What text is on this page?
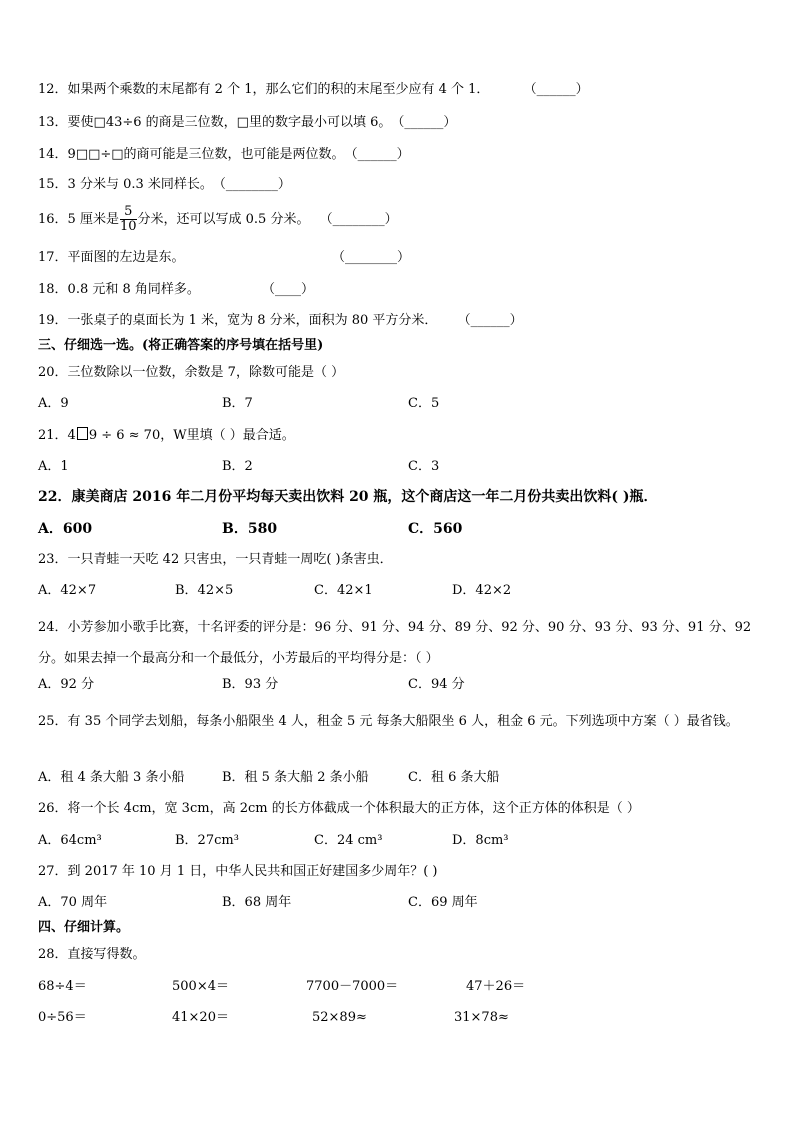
12．如果两个乘数的末尾都有 2 个 1，那么它们的积的末尾至少应有 4 个 1．	（______）
13．要使□43÷6 的商是三位数，□里的数字最小可以填 6。（______）
14．9□□÷□的商可能是三位数，也可能是两位数。（______）
15．3 分米与 0.3 米同样长。（________）
16．5 厘米是 $\frac{5}{10}$ 分米，还可以写成 0.5 分米。 （________）
17．平面图的左边是东。	（________）
18．0.8 元和 8 角同样多。	（____）
19．一张桌子的桌面长为 1 米，宽为 8 分米，面积为 80 平方分米． （______）
三、仔细选一选。(将正确答案的序号填在括号里)
20．三位数除以一位数，余数是 7，除数可能是（ ）
A．9	B．7	C．5
21．4 9 ÷ 6 ≈ 70，W里填（ ）最合适。
A．1	B．2	C．3
22．康美商店 2016 年二月份平均每天卖出饮料 20 瓶，这个商店这一年二月份共卖出饮料( )瓶．
A．600	B．580	C．560
23．一只青蛙一天吃 42 只害虫，一只青蛙一周吃( )条害虫．
A．42×7	B．42×5	C．42×1	D．42×2
24．小芳参加小歌手比赛，十名评委的评分是：96 分、91 分、94 分、89 分、92 分、90 分、93 分、93 分、91 分、92 分。如果去掉一个最高分和一个最低分，小芳最后的平均得分是：（ ）
A．92 分	B．93 分	C．94 分
25．有 35 个同学去划船，每条小船限坐 4 人，租金 5 元 每条大船限坐 6 人，租金 6 元。下列选项中方案（ ）最省钱。
A．租 4 条大船 3 条小船	B．租 5 条大船 2 条小船	C．租 6 条大船
26．将一个长 4cm，宽 3cm，高 2cm 的长方体截成一个体积最大的正方体，这个正方体的体积是（ ）
A．64cm³	B．27cm³	C．24 cm³	D．8cm³
27．到 2017 年 10 月 1 日，中华人民共和国正好建国多少周年？( )
A．70 周年	B．68 周年	C．69 周年
四、仔细计算。
28．直接写得数。
68÷4＝	500×4＝	7700－7000＝	47＋26＝
0÷56＝	41×20＝	52×89≈	31×78≈
